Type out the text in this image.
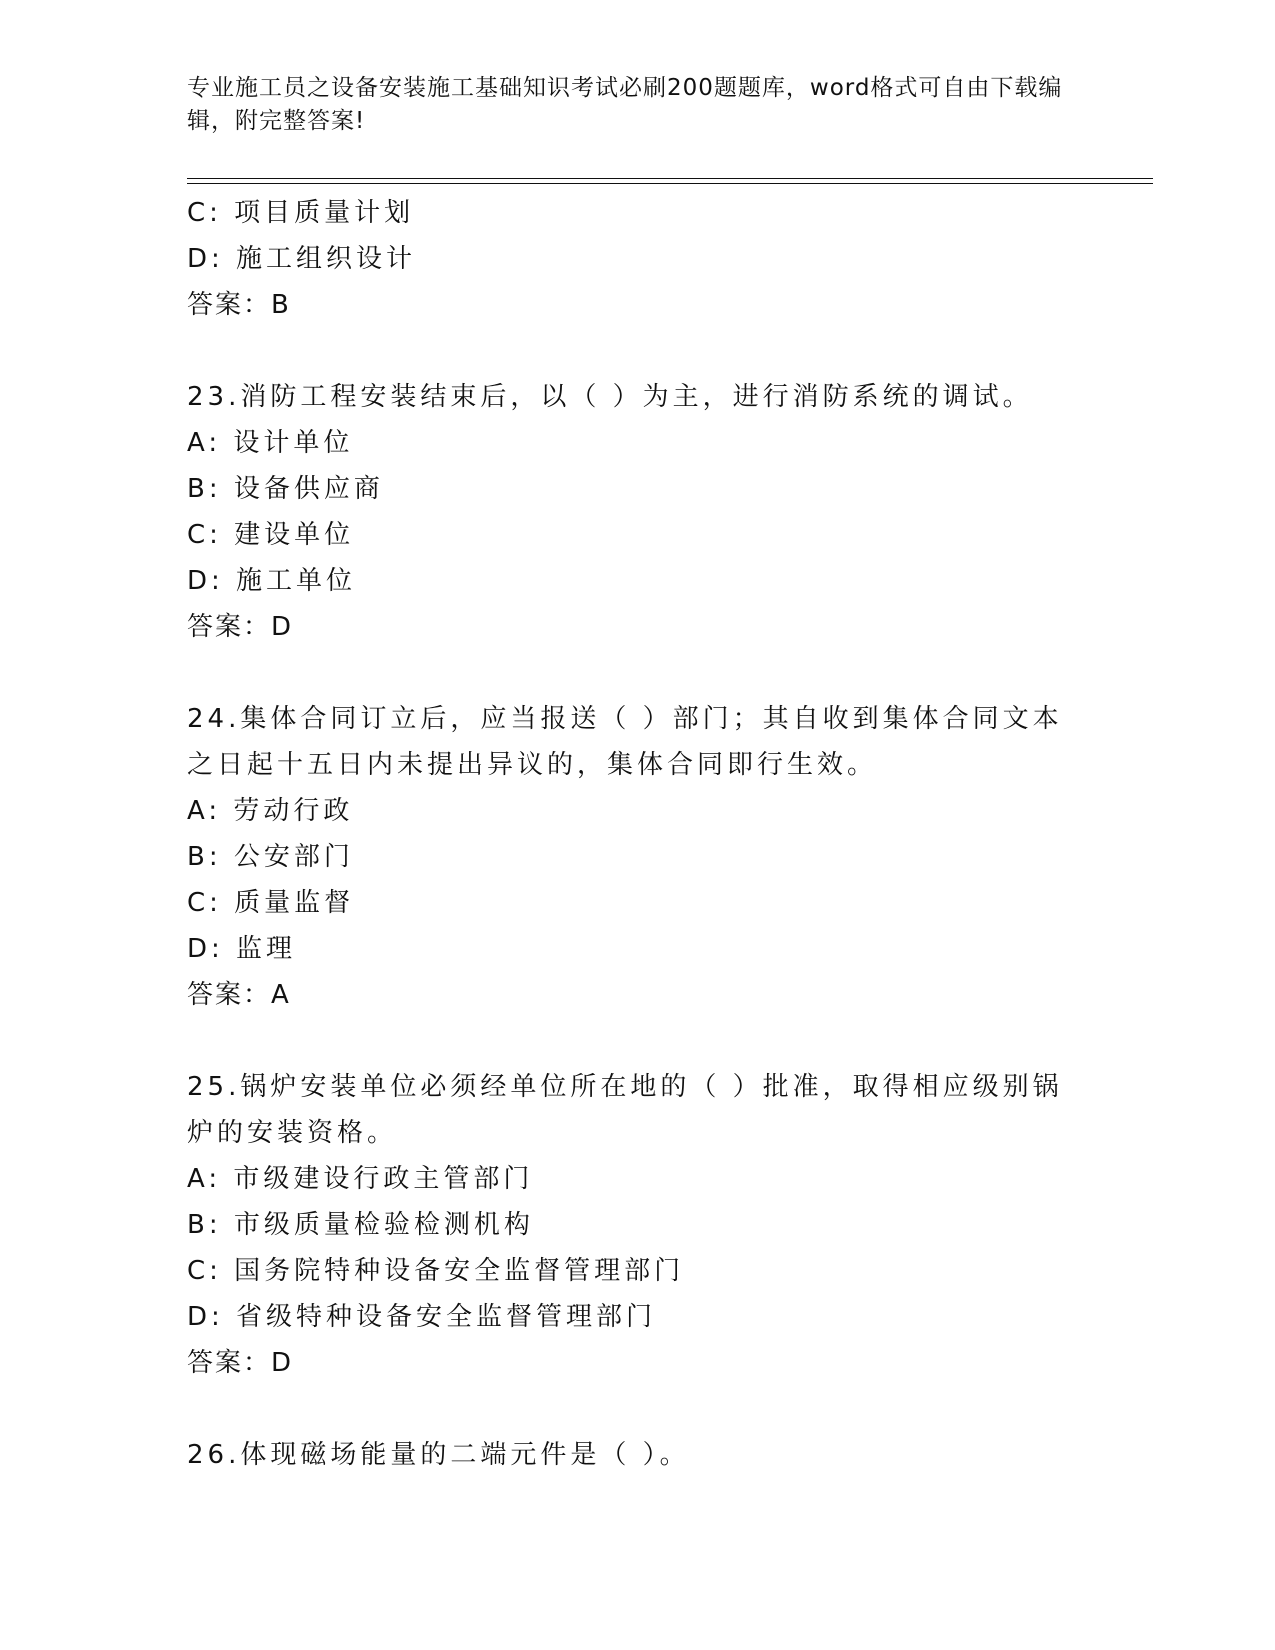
专业施工员之设备安装施工基础知识考试必刷200题题库，word格式可自由下载编辑，附完整答案!
C: 项目质量计划
D: 施工组织设计
答案：B
23.消防工程安装结束后，以（ ）为主，进行消防系统的调试。
A: 设计单位
B: 设备供应商
C: 建设单位
D: 施工单位
答案：D
24.集体合同订立后，应当报送（ ）部门；其自收到集体合同文本之日起十五日内未提出异议的，集体合同即行生效。
A: 劳动行政
B: 公安部门
C: 质量监督
D: 监理
答案：A
25.锅炉安装单位必须经单位所在地的（ ）批准，取得相应级别锅炉的安装资格。
A: 市级建设行政主管部门
B: 市级质量检验检测机构
C: 国务院特种设备安全监督管理部门
D: 省级特种设备安全监督管理部门
答案：D
26.体现磁场能量的二端元件是（ ）。
